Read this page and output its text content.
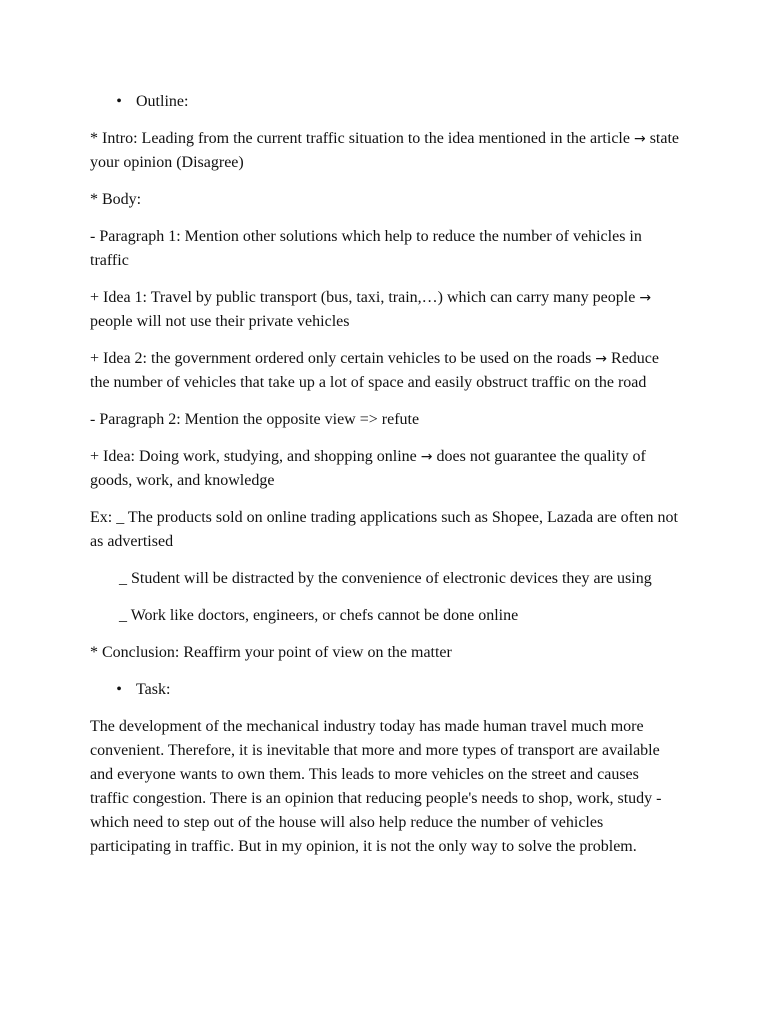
• Outline:

* Intro: Leading from the current traffic situation to the idea mentioned in the article → state your opinion (Disagree)

* Body:

- Paragraph 1: Mention other solutions which help to reduce the number of vehicles in traffic

+ Idea 1: Travel by public transport (bus, taxi, train,…) which can carry many people → people will not use their private vehicles

+ Idea 2: the government ordered only certain vehicles to be used on the roads → Reduce the number of vehicles that take up a lot of space and easily obstruct traffic on the road

- Paragraph 2: Mention the opposite view => refute

+ Idea: Doing work, studying, and shopping online → does not guarantee the quality of goods, work, and knowledge

Ex: _ The products sold on online trading applications such as Shopee, Lazada are often not as advertised

_ Student will be distracted by the convenience of electronic devices they are using

_ Work like doctors, engineers, or chefs cannot be done online

* Conclusion: Reaffirm your point of view on the matter

• Task:

The development of the mechanical industry today has made human travel much more convenient. Therefore, it is inevitable that more and more types of transport are available and everyone wants to own them. This leads to more vehicles on the street and causes traffic congestion. There is an opinion that reducing people's needs to shop, work, study - which need to step out of the house will also help reduce the number of vehicles participating in traffic. But in my opinion, it is not the only way to solve the problem.
